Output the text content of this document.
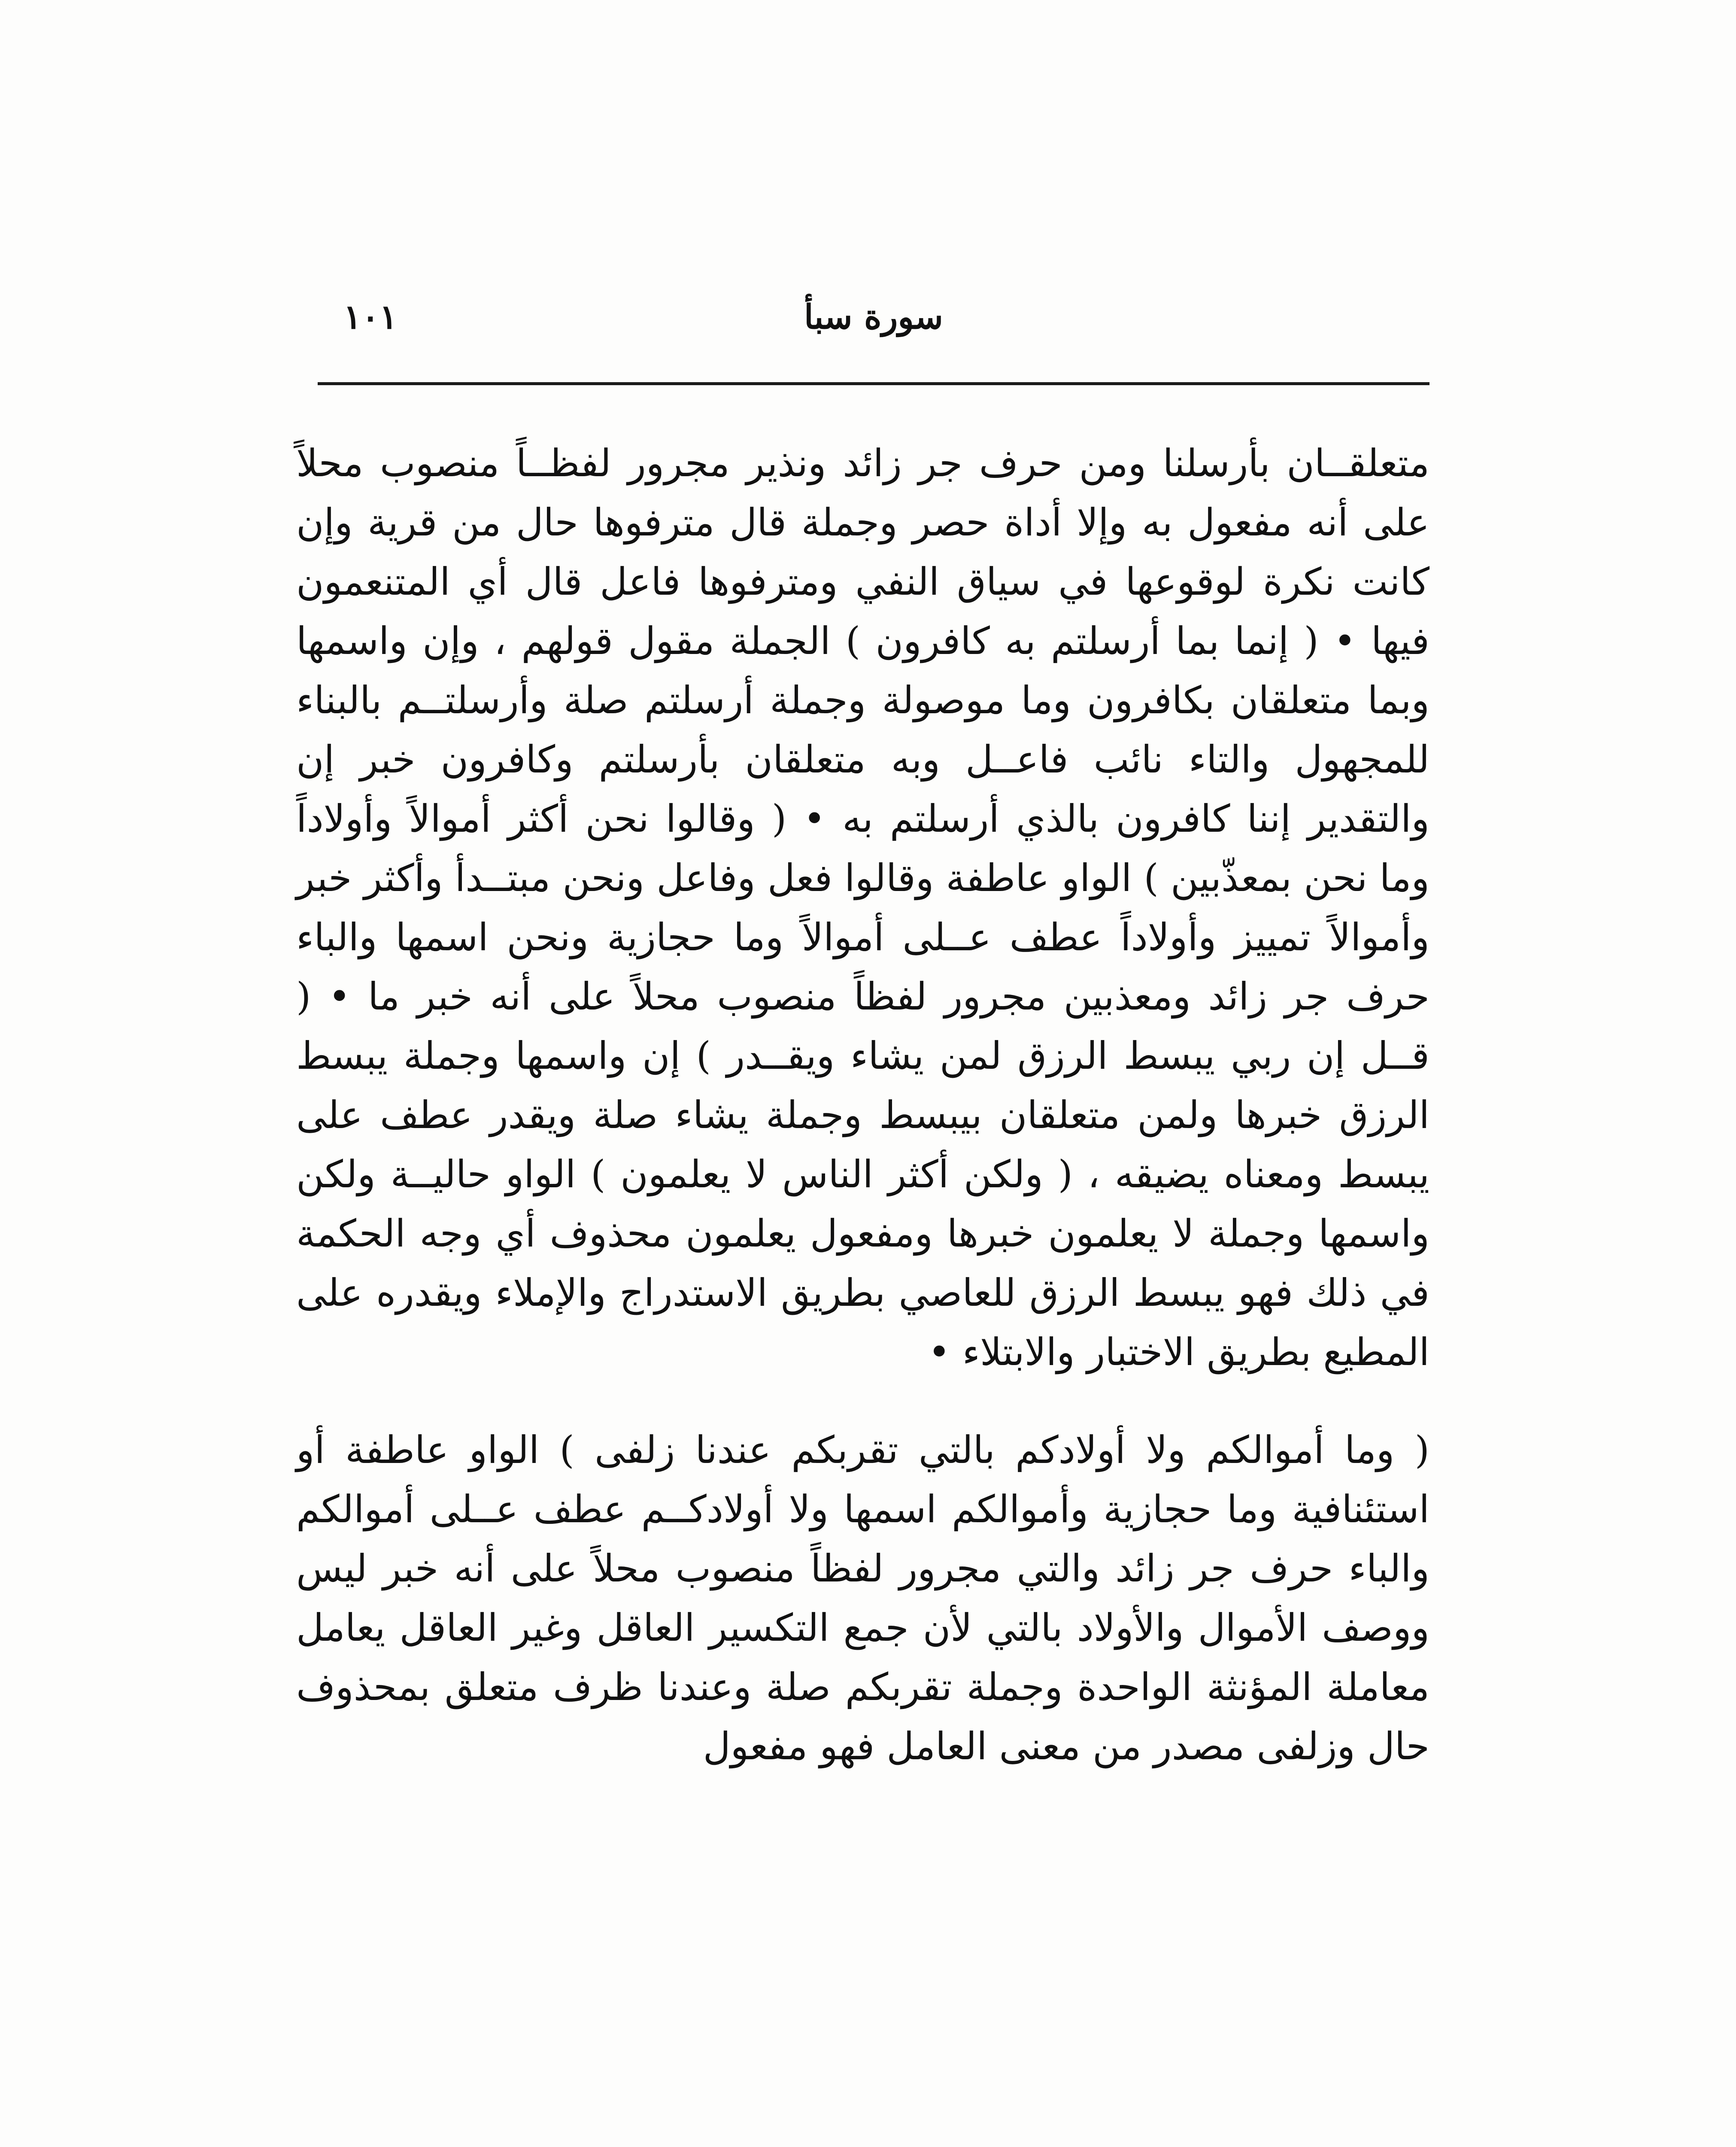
سورة سبأ
١٠١

متعلقــان بأرسلنا ومن حرف جر زائد ونذير مجرور لفظــاً منصوب محلاً على أنه مفعول به وإلا أداة حصر وجملة قال مترفوها حال من قرية وإن كانت نكرة لوقوعها في سياق النفي ومترفوها فاعل قال أي المتنعمون فيها • ( إنما بما أرسلتم به كافرون ) الجملة مقول قولهم ، وإن واسمها وبما متعلقان بكافرون وما موصولة وجملة أرسلتم صلة وأرسلتــم بالبناء للمجهول والتاء نائب فاعــل وبه متعلقان بأرسلتم وكافرون خبر إن والتقدير إننا كافرون بالذي أرسلتم به • ( وقالوا نحن أكثر أموالاً وأولاداً وما نحن بمعذّبين ) الواو عاطفة وقالوا فعل وفاعل ونحن مبتــدأ وأكثر خبر وأموالاً تمييز وأولاداً عطف عــلى أموالاً وما حجازية ونحن اسمها والباء حرف جر زائد ومعذبين مجرور لفظاً منصوب محلاً على أنه خبر ما • ( قــل إن ربي يبسط الرزق لمن يشاء ويقــدر ) إن واسمها وجملة يبسط الرزق خبرها ولمن متعلقان بيبسط وجملة يشاء صلة ويقدر عطف على يبسط ومعناه يضيقه ، ( ولكن أكثر الناس لا يعلمون ) الواو حاليــة ولكن واسمها وجملة لا يعلمون خبرها ومفعول يعلمون محذوف أي وجه الحكمة في ذلك فهو يبسط الرزق للعاصي بطريق الاستدراج والإملاء ويقدره على المطيع بطريق الاختبار والابتلاء •

( وما أموالكم ولا أولادكم بالتي تقربكم عندنا زلفى ) الواو عاطفة أو استئنافية وما حجازية وأموالكم اسمها ولا أولادكــم عطف عــلى أموالكم والباء حرف جر زائد والتي مجرور لفظاً منصوب محلاً على أنه خبر ليس ووصف الأموال والأولاد بالتي لأن جمع التكسير العاقل وغير العاقل يعامل معاملة المؤنثة الواحدة وجملة تقربكم صلة وعندنا ظرف متعلق بمحذوف حال وزلفى مصدر من معنى العامل فهو مفعول
